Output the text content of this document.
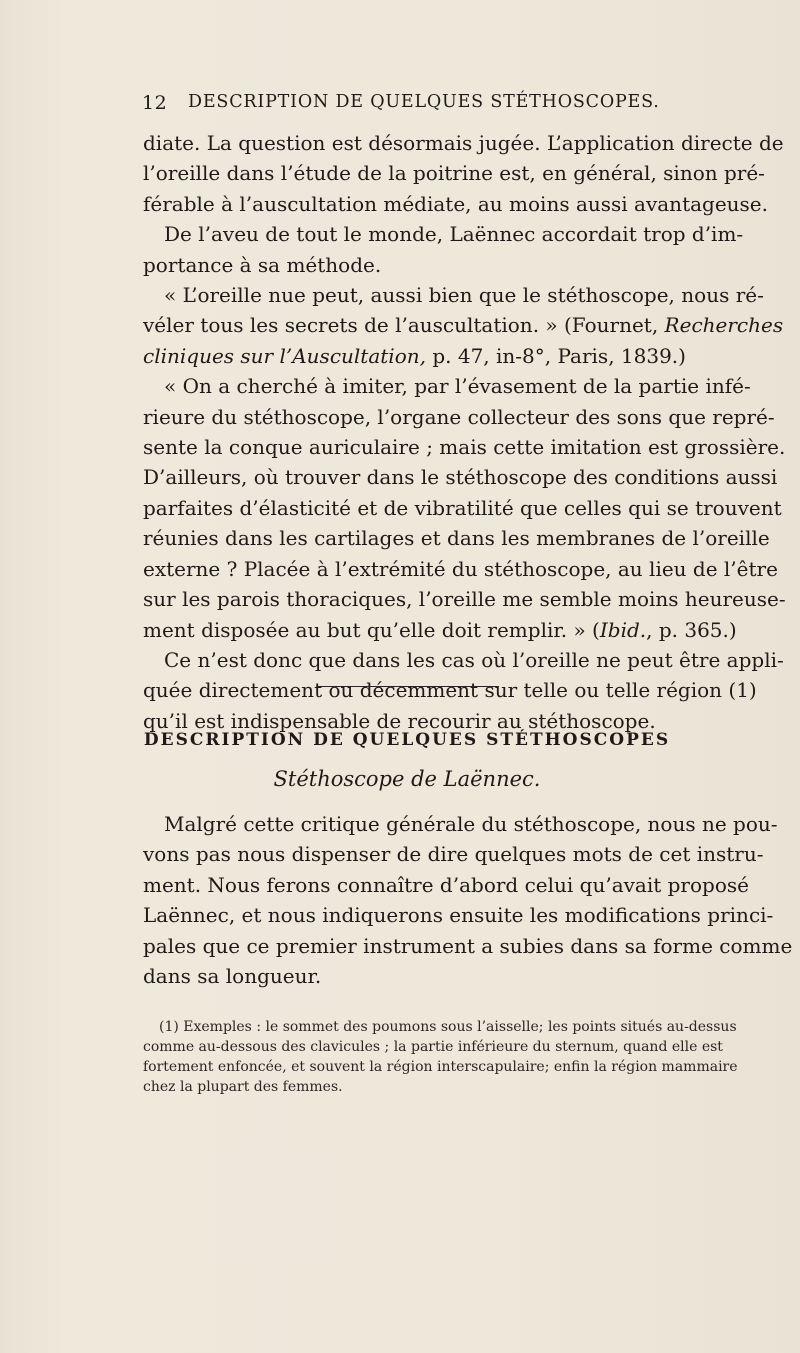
12 DESCRIPTION DE QUELQUES STÉTHOSCOPES.
diate. La question est désormais jugée. L’application directe de
l’oreille dans l’étude de la poitrine est, en général, sinon pré-
férable à l’auscultation médiate, au moins aussi avantageuse.
De l’aveu de tout le monde, Laënnec accordait trop d’im-
portance à sa méthode.
« L’oreille nue peut, aussi bien que le stéthoscope, nous ré-
véler tous les secrets de l’auscultation. » (Fournet, Recherches
cliniques sur l’Auscultation, p. 47, in-8°, Paris, 1839.)
« On a cherché à imiter, par l’évasement de la partie infé-
rieure du stéthoscope, l’organe collecteur des sons que repré-
sente la conque auriculaire ; mais cette imitation est grossière.
D’ailleurs, où trouver dans le stéthoscope des conditions aussi
parfaites d’élasticité et de vibratilité que celles qui se trouvent
réunies dans les cartilages et dans les membranes de l’oreille
externe ? Placée à l’extrémité du stéthoscope, au lieu de l’être
sur les parois thoraciques, l’oreille me semble moins heureuse-
ment disposée au but qu’elle doit remplir. » (Ibid., p. 365.)
Ce n’est donc que dans les cas où l’oreille ne peut être appli-
quée directement ou décemment sur telle ou telle région (1)
qu’il est indispensable de recourir au stéthoscope.
DESCRIPTION DE QUELQUES STÉTHOSCOPES
Stéthoscope de Laënnec.
Malgré cette critique générale du stéthoscope, nous ne pou-
vons pas nous dispenser de dire quelques mots de cet instru-
ment. Nous ferons connaître d’abord celui qu’avait proposé
Laënnec, et nous indiquerons ensuite les modifications princi-
pales que ce premier instrument a subies dans sa forme comme
dans sa longueur.
(1) Exemples : le sommet des poumons sous l’aisselle; les points situés au-dessus
comme au-dessous des clavicules ; la partie inférieure du sternum, quand elle est
fortement enfoncée, et souvent la région interscapulaire; enfin la région mammaire
chez la plupart des femmes.
